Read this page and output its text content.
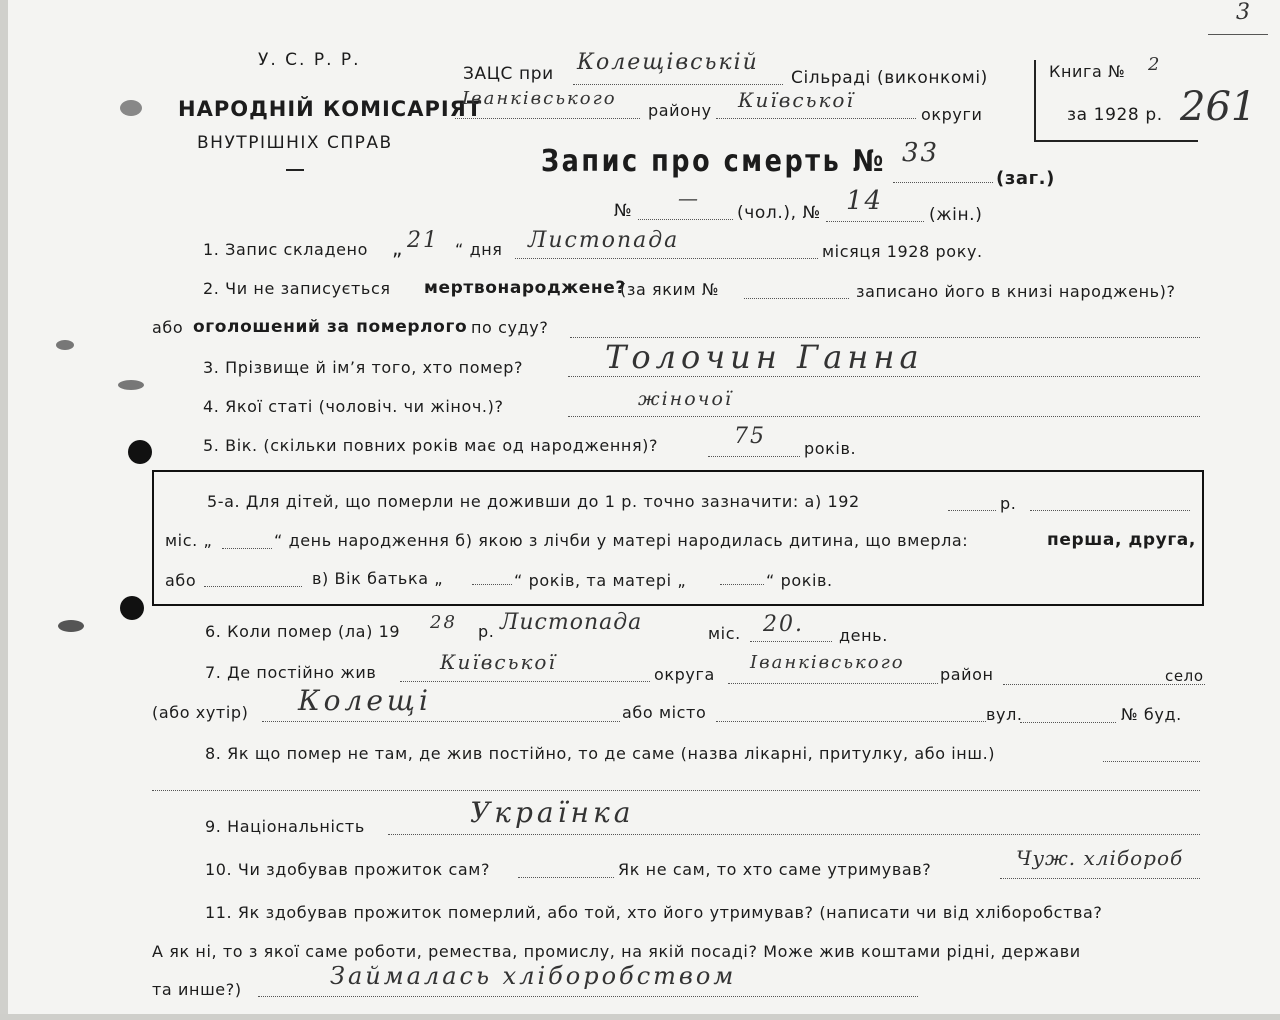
У. С. Р. Р.
НАРОДНІЙ КОМІСАРІЯТ
ВНУТРІШНІХ СПРАВ
ЗАЦС при Колещівській
Сільраді (виконкомі)
Іванківського
району Київської
округи
Книга № 2
за 1928 р. 261
3
Запис про смерть № 33
(заг.)
№
—
(чол.), № 14	(жін.)
1. Запис складено „ 21 “ дня Листопада	місяця 1928 року.
2. Чи не записується мертвонароджене?
(за яким №	записано його в книзі народжень)?
або оголошений за померлого по суду?
3. Прізвище й ім’я того, хто помер?	Толочин Ганна
4. Якої статі (чоловіч. чи жіноч.)?	жіночої
5. Вік. (скільки повних років має од народження)?	75 років.
5-а. Для дітей, що померли не доживши до 1 р. точно зазначити: а) 192	р.
міс. „	“ день народження б) якою з лічби у матері народилась дитина, що вмерла:	перша, друга,
або	в) Вік батька „	“ років, та матері „	“ років.
6. Коли помер (ла) 19 28 р. Листопада	міс. 20. день.
7. Де постійно жив	Київської
округа
Іванківського
район	село
(або хутір) Колещі	або місто	вул.	№ буд.
8. Як що помер не там, де жив постійно, то де саме (назва лікарні, притулку, або інш.)
9. Національність	Українка
10. Чи здобував прожиток сам?	Як не сам, то хто саме утримував?	Чуж. хлібороб
11. Як здобував прожиток померлий, або той, хто його утримував? (написати чи від хліборобства?
А як ні, то з якої саме роботи, ремества, промислу, на якій посаді? Може жив коштами рідні, держави
та инше?)	Займалась хліборобством
